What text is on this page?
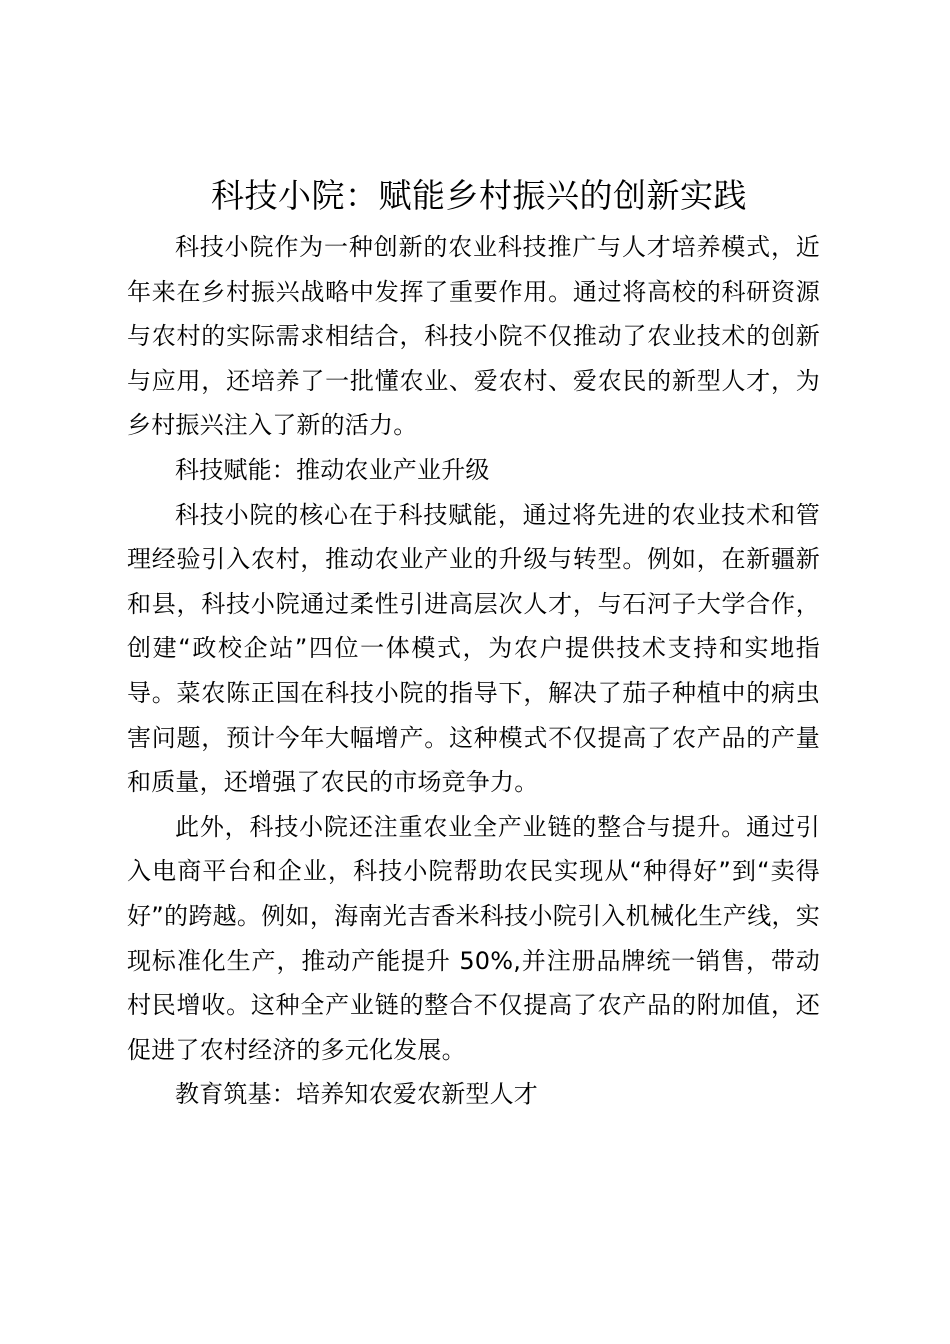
科技小院：赋能乡村振兴的创新实践

科技小院作为一种创新的农业科技推广与人才培养模式，近年来在乡村振兴战略中发挥了重要作用。通过将高校的科研资源与农村的实际需求相结合，科技小院不仅推动了农业技术的创新与应用，还培养了一批懂农业、爱农村、爱农民的新型人才，为乡村振兴注入了新的活力。

科技赋能：推动农业产业升级

科技小院的核心在于科技赋能，通过将先进的农业技术和管理经验引入农村，推动农业产业的升级与转型。例如，在新疆新和县，科技小院通过柔性引进高层次人才，与石河子大学合作，创建“政校企站”四位一体模式，为农户提供技术支持和实地指导。菜农陈正国在科技小院的指导下，解决了茄子种植中的病虫害问题，预计今年大幅增产。这种模式不仅提高了农产品的产量和质量，还增强了农民的市场竞争力。

此外，科技小院还注重农业全产业链的整合与提升。通过引入电商平台和企业，科技小院帮助农民实现从“种得好”到“卖得好”的跨越。例如，海南光吉香米科技小院引入机械化生产线，实现标准化生产，推动产能提升 50%,并注册品牌统一销售，带动村民增收。这种全产业链的整合不仅提高了农产品的附加值，还促进了农村经济的多元化发展。

教育筑基：培养知农爱农新型人才
